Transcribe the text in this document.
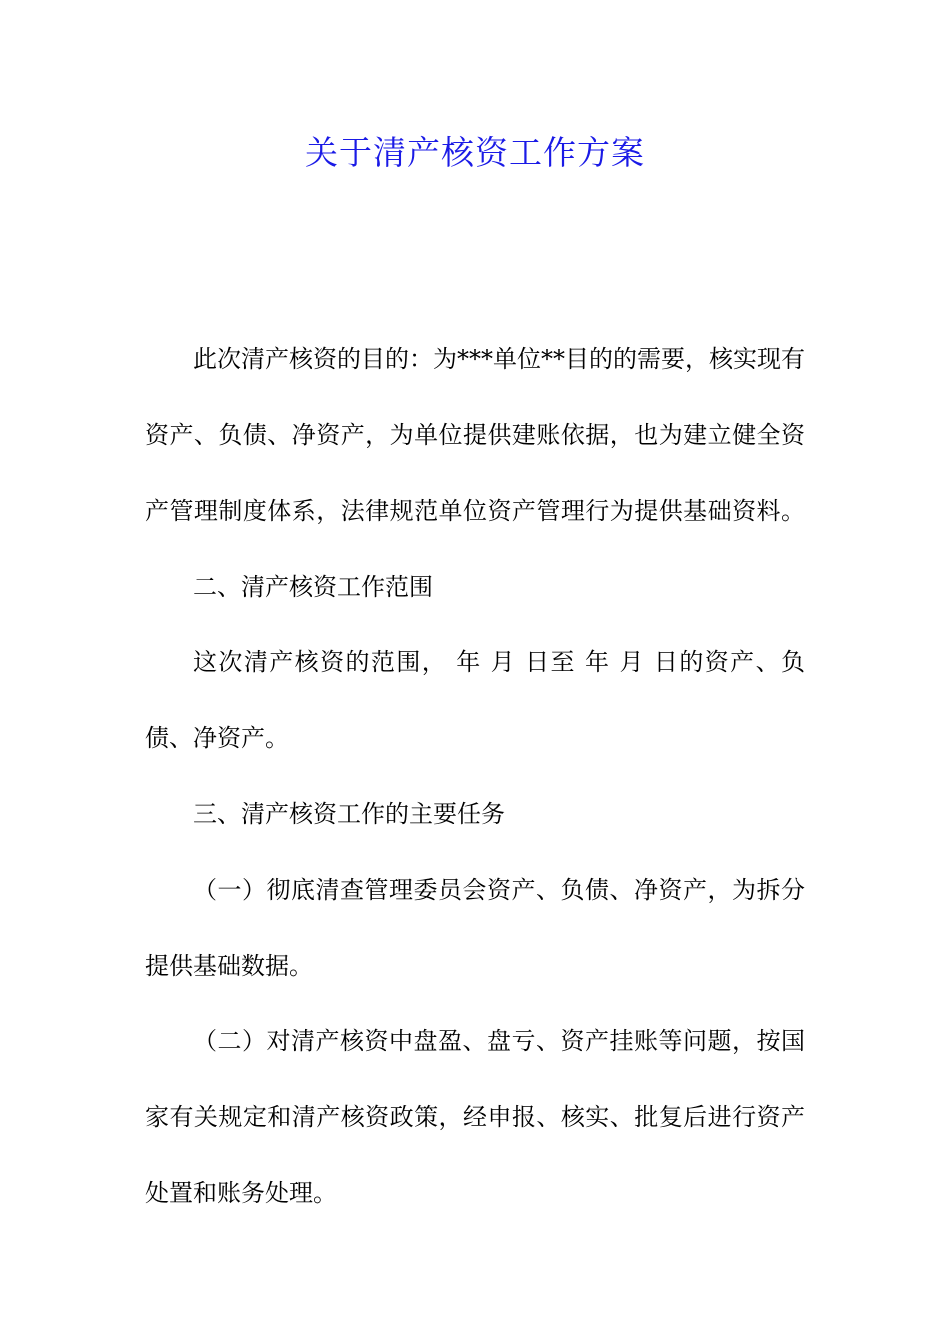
关于清产核资工作方案
此次清产核资的目的：为***单位**目的的需要，核实现有
资产、负债、净资产，为单位提供建账依据，也为建立健全资
产管理制度体系，法律规范单位资产管理行为提供基础资料。
二、清产核资工作范围
这次清产核资的范围， 年 月 日至 年 月 日的资产、负
债、净资产。
三、清产核资工作的主要任务
（一）彻底清查管理委员会资产、负债、净资产，为拆分
提供基础数据。
（二）对清产核资中盘盈、盘亏、资产挂账等问题，按国
家有关规定和清产核资政策，经申报、核实、批复后进行资产
处置和账务处理。
